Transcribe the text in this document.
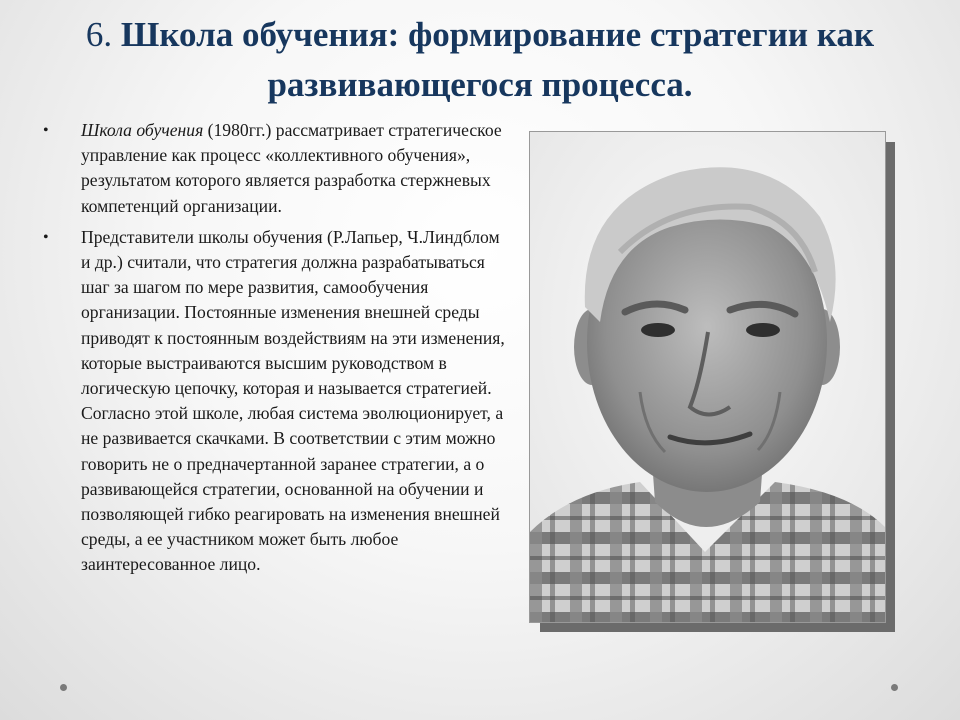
6. Школа обучения: формирование стратегии как развивающегося процесса.
• Школа обучения (1980гг.) рассматривает стратегическое управление как процесс «коллективного обучения», результатом которого является разработка стержневых компетенций организации.
• Представители школы обучения (Р.Лапьер, Ч.Линдблом и др.) считали, что стратегия должна разрабатываться шаг за шагом по мере развития, самообучения организации. Постоянные изменения внешней среды приводят к постоянным воздействиям на эти изменения, которые выстраиваются высшим руководством в логическую цепочку, которая и называется стратегией. Согласно этой школе, любая система эволюционирует, а не развивается скачками. В соответствии с этим можно говорить не о предначертанной заранее стратегии, а о развивающейся стратегии, основанной на обучении и позволяющей гибко реагировать на изменения внешней среды, а ее участником может быть любое заинтересованное лицо.
